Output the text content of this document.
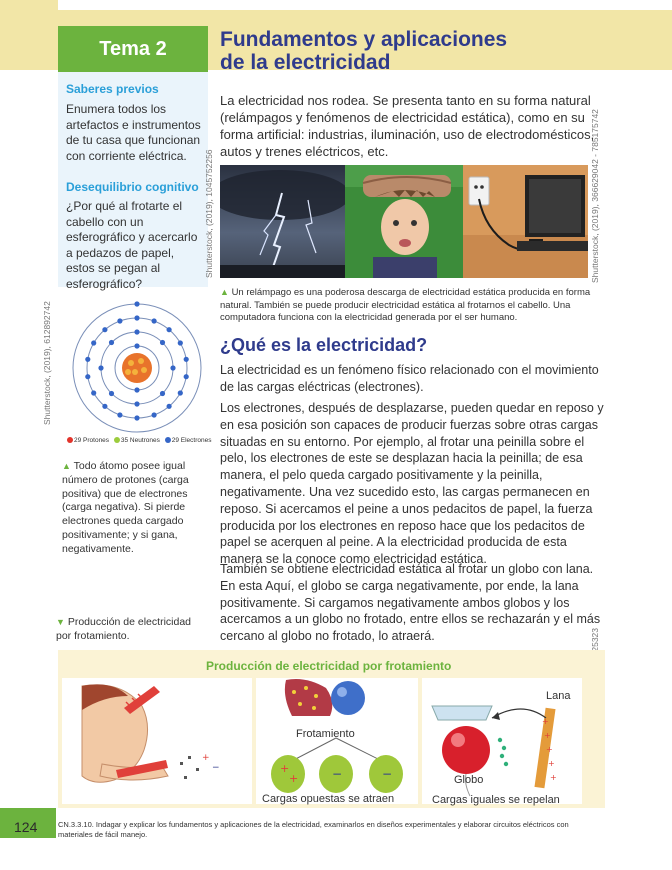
Tema 2	Fundamentos y aplicaciones
de la electricidad
Saberes previos
Enumera todos los artefactos e instrumentos de tu casa que funcionan con corriente eléctrica.
Desequilibrio cognitivo
¿Por qué al frotarte el cabello con un esferográfico y acercarlo a pedazos de papel, estos se pegan al esferográfico?
Shutterstock, (2019), 612892742
Shutterstock, (2019), 1045752256	Shutterstock, (2019), 366629042 - 785175742
La electricidad nos rodea. Se presenta tanto en su forma natural (relámpagos y fenómenos de electricidad estática), como en su forma artificial: industrias, iluminación, uso de electrodomésticos, autos y trenes eléctricos, etc.
▲ Un relámpago es una poderosa descarga de electricidad estática producida en forma natural. También se puede producir electricidad estática al frotarnos el cabello. Una computadora funciona con la electricidad generada por el ser humano.
¿Qué es la electricidad?
La electricidad es un fenómeno físico relacionado con el movimiento de las cargas eléctricas (electrones).
Los electrones, después de desplazarse, pueden quedar en reposo y en esa posición son capaces de producir fuerzas sobre otras cargas situadas en su entorno. Por ejemplo, al frotar una peinilla sobre el pelo, los electrones de este se desplazan hacia la peinilla; de esa manera, el pelo queda cargado positivamente y la peinilla, negativamente. Una vez sucedido esto, las cargas permanecen en reposo. Si acercamos el peine a unos pedacitos de papel, la fuerza producida por los electrones en reposo hace que los pedacitos de papel se acerquen al peine. A la electricidad producida de esta manera se la conoce como electricidad estática.
También se obtiene electricidad estática al frotar un globo con lana. En esta Aquí, el globo se carga negativamente, por ende, la lana positivamente. Si cargamos negativamente ambos globos y los acercamos a un globo no frotado, entre ellos se rechazarán y el más cercano al globo no frotado, lo atraerá.
29 Protones 35 Neutrones 29 Electrones
▲ Todo átomo posee igual número de protones (carga positiva) que de electrones (carga negativa). Si pierde electrones queda cargado positivamente; y si gana, negativamente.
▼ Producción de electricidad por frotamiento.
Producción de electricidad por frotamiento
+
−	+
+	−	−
+
+
+
+
+
Frotamiento
Cargas opuestas se atraen
Lana
Globo
Cargas iguales se repelan
124	CN.3.3.10. Indagar y explicar los fundamentos y aplicaciones de la electricidad, examinarlos en diseños experimentales y elaborar circuitos eléctricos con materiales de fácil manejo.
